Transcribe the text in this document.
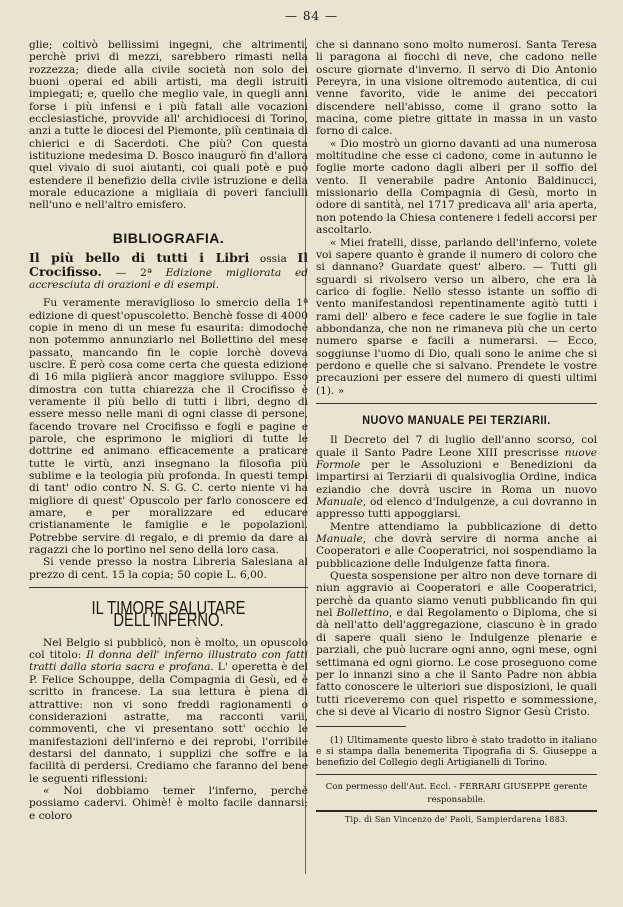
— 84 —

glie; coltivò bellissimi ingegni, che altrimenti, perchè privi di mezzi, sarebbero rimasti nella rozzezza; diede alla civile società non solo dei buoni operai ed abili artisti, ma degli istruiti impiegati; e, quello che meglio vale, in quegli anni forse i più infensi e i più fatali alle vocazioni ecclesiastiche, provvide all' archidiocesi di Torino, anzi a tutte le diocesi del Piemonte, più centinaia di chierici e di Sacerdoti. Che più? Con questa istituzione medesima D. Bosco inaugurò fin d'allora quel vivaio di suoi aiutanti, coi quali potè e può estendere il benefizio della civile istruzione e della morale educazione a migliaia di poveri fanciulli nell'uno e nell'altro emisfero.

BIBLIOGRAFIA.

Il più bello di tutti i Libri ossia Il Crocifisso. — 2ª Edizione migliorata ed accresciuta di orazioni e di esempi.

Fu veramente meraviglioso lo smercio della 1ª edizione di quest'opuscoletto. Benchè fosse di 4000 copie in meno di un mese fu esaurita: dimodochè non potemmo annunziarlo nel Bollettino del mese passato, mancando fin le copie lorchè doveva uscire. È però cosa come certa che questa edizione di 16 mila piglierà ancor maggiore sviluppo. Esso dimostra con tutta chiarezza che il Crocifisso è veramente il più bello di tutti i libri, degno di essere messo nelle mani di ogni classe di persone, facendo trovare nel Crocifisso e fogli e pagine e parole, che esprimono le migliori di tutte le dottrine ed animano efficacemente a praticare tutte le virtù, anzi insegnano la filosofia più sublime e la teologia più profonda. In questi tempi di tant' odio contro N. S. G. C. certo niente vi ha migliore di quest' Opuscolo per farlo conoscere ed amare, e per moralizzare ed educare cristianamente le famiglie e le popolazioni. Potrebbe servire di regalo, e di premio da dare ai ragazzi che lo portino nel seno della loro casa.

Si vende presso la nostra Libreria Salesiana al prezzo di cent. 15 la copia; 50 copie L. 6,00.

IL TIMORE SALUTARE DELL'INFERNO.

Nel Belgio si pubblicò, non è molto, un opuscolo col titolo: Il donna dell' inferno illustrato con fatti tratti dalla storia sacra e profana. L' operetta è del P. Felice Schouppe, della Compagnia di Gesù, ed è scritto in francese. La sua lettura è piena di attrattive: non vi sono freddi ragionamenti o considerazioni astratte, ma racconti varii, commoventi, che vi presentano sott' occhio le manifestazioni dell'inferno e dei reprobi, l'orribile destarsi del dannato, i supplizi che soffre e la facilità di perdersi. Crediamo che faranno del bene le seguenti riflessioni:

« Noi dobbiamo temer l'inferno, perchè possiamo cadervi. Ohimè! è molto facile dannarsi; e coloro

che si dannano sono molto numerosi. Santa Teresa li paragona ai fiocchi di neve, che cadono nelle oscure giornate d'inverno. Il servo di Dio Antonio Pereyra, in una visione oltremodo autentica, di cui venne favorito, vide le anime dei peccatori discendere nell'abisso, come il grano sotto la macina, come pietre gittate in massa in un vasto forno di calce.

« Dio mostrò un giorno davanti ad una numerosa moltitudine che esse ci cadono, come in autunno le foglie morte cadono dagli alberi per il soffio del vento. Il venerabile padre Antonio Baldinucci, missionario della Compagnia di Gesù, morto in odore di santità, nel 1717 predicava all' aria aperta, non potendo la Chiesa contenere i fedeli accorsi per ascoltarlo.

« Miei fratelli, disse, parlando dell'inferno, volete voi sapere quanto è grande il numero di coloro che si dannano? Guardate quest' albero. — Tutti gli sguardi si rivolsero verso un albero, che era là carico di foglie. Nello stesso istante un soffio di vento manifestandosi repentinamente agitò tutti i rami dell' albero e fece cadere le sue foglie in tale abbondanza, che non ne rimaneva più che un certo numero sparse e facili a numerarsi. — Ecco, soggiunse l'uomo di Dio, quali sono le anime che si perdono e quelle che si salvano. Prendete le vostre precauzioni per essere del numero di questi ultimi (1). »

NUOVO MANUALE PEI TERZIARII.

Il Decreto del 7 di luglio dell'anno scorso, col quale il Santo Padre Leone XIII prescrisse nuove Formole per le Assoluzioni e Benedizioni da impartirsi ai Terziarii di qualsivoglia Ordine, indica eziandio che dovrà uscire in Roma un nuovo Manuale, od elenco d'Indulgenze, a cui dovranno in appresso tutti appoggiarsi.

Mentre attendiamo la pubblicazione di detto Manuale, che dovrà servire di norma anche ai Cooperatori e alle Cooperatrici, noi sospendiamo la pubblicazione delle Indulgenze fatta finora.

Questa sospensione per altro non deve tornare di niun aggravio ai Cooperatori e alle Cooperatrici, perchè da quanto siamo venuti pubblicando fin qui nel Bollettino, e dal Regolamento o Diploma, che si dà nell'atto dell'aggregazione, ciascuno è in grado di sapere quali sieno le Indulgenze plenarie e parziali, che può lucrare ogni anno, ogni mese, ogni settimana ed ogni giorno. Le cose proseguono come per lo innanzi sino a che il Santo Padre non abbia fatto conoscere le ulteriori sue disposizioni, le quali tutti riceveremo con quel rispetto e sommessione, che si deve al Vicario di nostro Signor Gesù Cristo.

(1) Ultimamente questo libro è stato tradotto in italiano e si stampa dalla benemerita Tipografia di S. Giuseppe a benefizio del Collegio degli Artigianelli di Torino.

Con permesso dell'Aut. Eccl. - FERRARI GIUSEPPE gerente responsabile.
Tip. di San Vincenzo de' Paoli, Sampierdarena 1883.
